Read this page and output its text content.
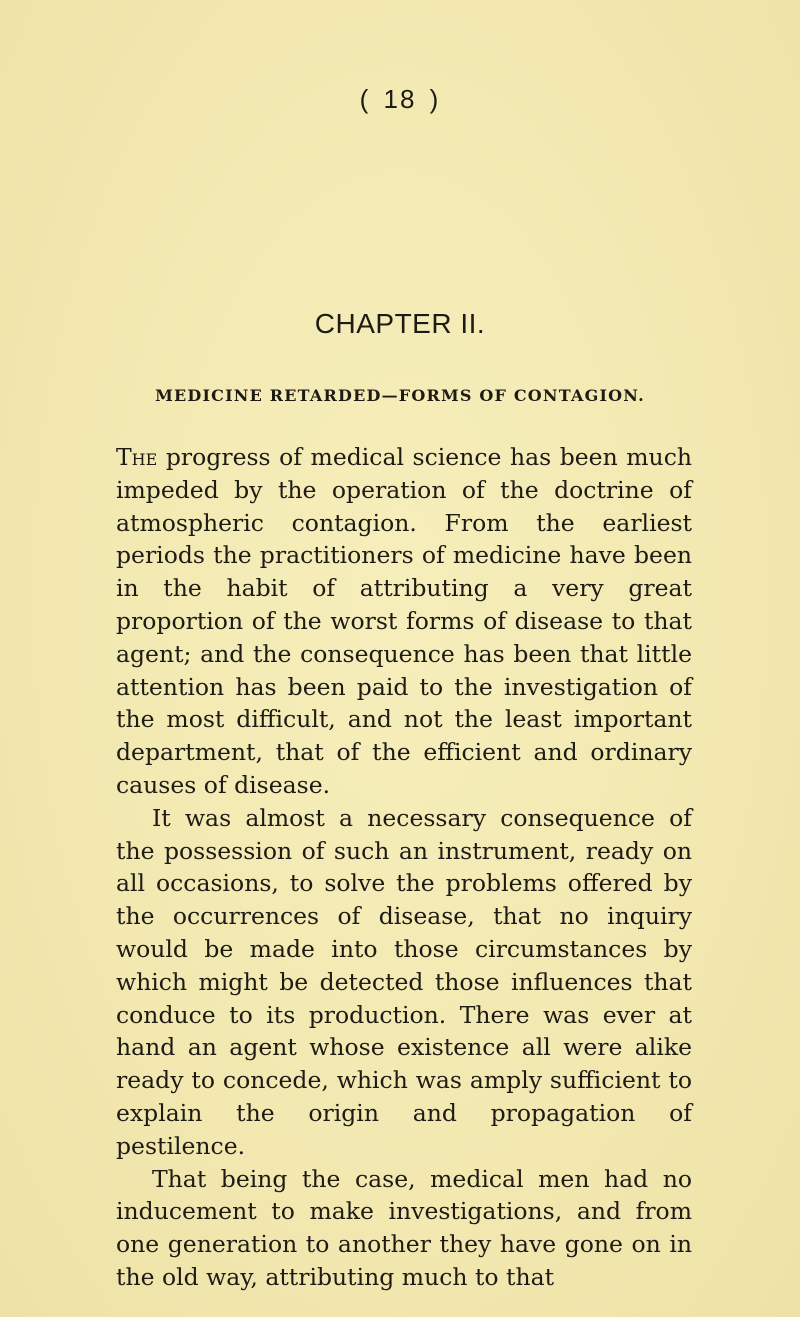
( 18 )
CHAPTER II.
MEDICINE RETARDED—FORMS OF CONTAGION.

The progress of medical science has been much impeded by the operation of the doctrine of atmospheric contagion. From the earliest periods the practitioners of medicine have been in the habit of attributing a very great proportion of the worst forms of disease to that agent; and the consequence has been that little attention has been paid to the investigation of the most difficult, and not the least important department, that of the efficient and ordinary causes of disease.

It was almost a necessary consequence of the possession of such an instrument, ready on all occasions, to solve the problems offered by the occurrences of disease, that no inquiry would be made into those circumstances by which might be detected those influences that conduce to its production. There was ever at hand an agent whose existence all were alike ready to concede, which was amply sufficient to explain the origin and propagation of pestilence.

That being the case, medical men had no inducement to make investigations, and from one generation to another they have gone on in the old way, attributing much to that
